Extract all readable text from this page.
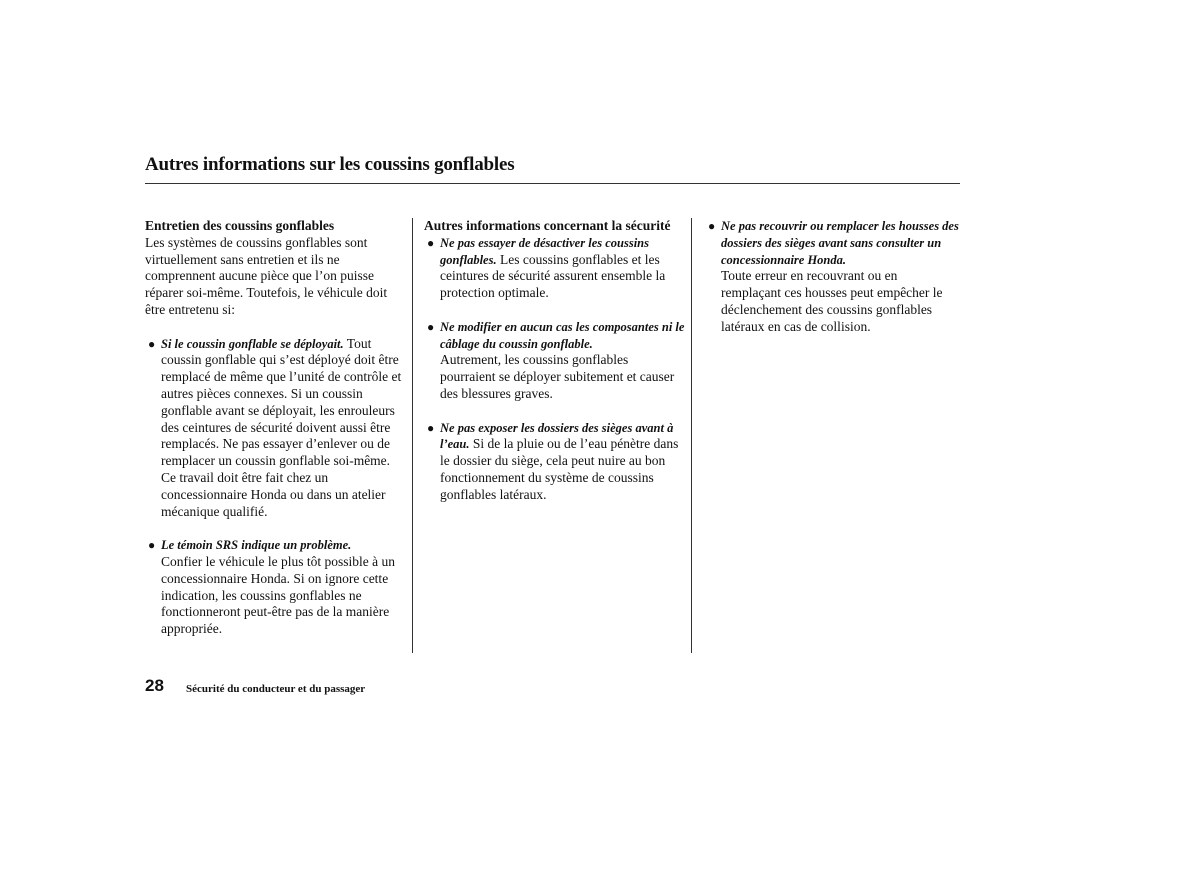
Autres informations sur les coussins gonflables

Entretien des coussins gonflables

Les systèmes de coussins gonflables sont virtuellement sans entretien et ils ne comprennent aucune pièce que l’on puisse réparer soi-même. Toutefois, le véhicule doit être entretenu si:

● Si le coussin gonflable se déployait. Tout coussin gonflable qui s’est déployé doit être remplacé de même que l’unité de contrôle et autres pièces connexes. Si un coussin gonflable avant se déployait, les enrouleurs des ceintures de sécurité doivent aussi être remplacés. Ne pas essayer d’enlever ou de remplacer un coussin gonflable soi-même. Ce travail doit être fait chez un concessionnaire Honda ou dans un atelier mécanique qualifié.
● Le témoin SRS indique un problème.
Confier le véhicule le plus tôt possible à un concessionnaire Honda. Si on ignore cette indication, les coussins gonflables ne fonctionneront peut-être pas de la manière appropriée.

Autres informations concernant la sécurité

● Ne pas essayer de désactiver les coussins gonflables. Les coussins gonflables et les ceintures de sécurité assurent ensemble la protection optimale.
● Ne modifier en aucun cas les composantes ni le câblage du coussin gonflable.
Autrement, les coussins gonflables pourraient se déployer subitement et causer des blessures graves.
● Ne pas exposer les dossiers des sièges avant à l’eau. Si de la pluie ou de l’eau pénètre dans le dossier du siège, cela peut nuire au bon fonctionnement du système de coussins gonflables latéraux.
● Ne pas recouvrir ou remplacer les housses des dossiers des sièges avant sans consulter un concessionnaire Honda.
Toute erreur en recouvrant ou en remplaçant ces housses peut empêcher le déclenchement des coussins gonflables latéraux en cas de collision.
28 Sécurité du conducteur et du passager
